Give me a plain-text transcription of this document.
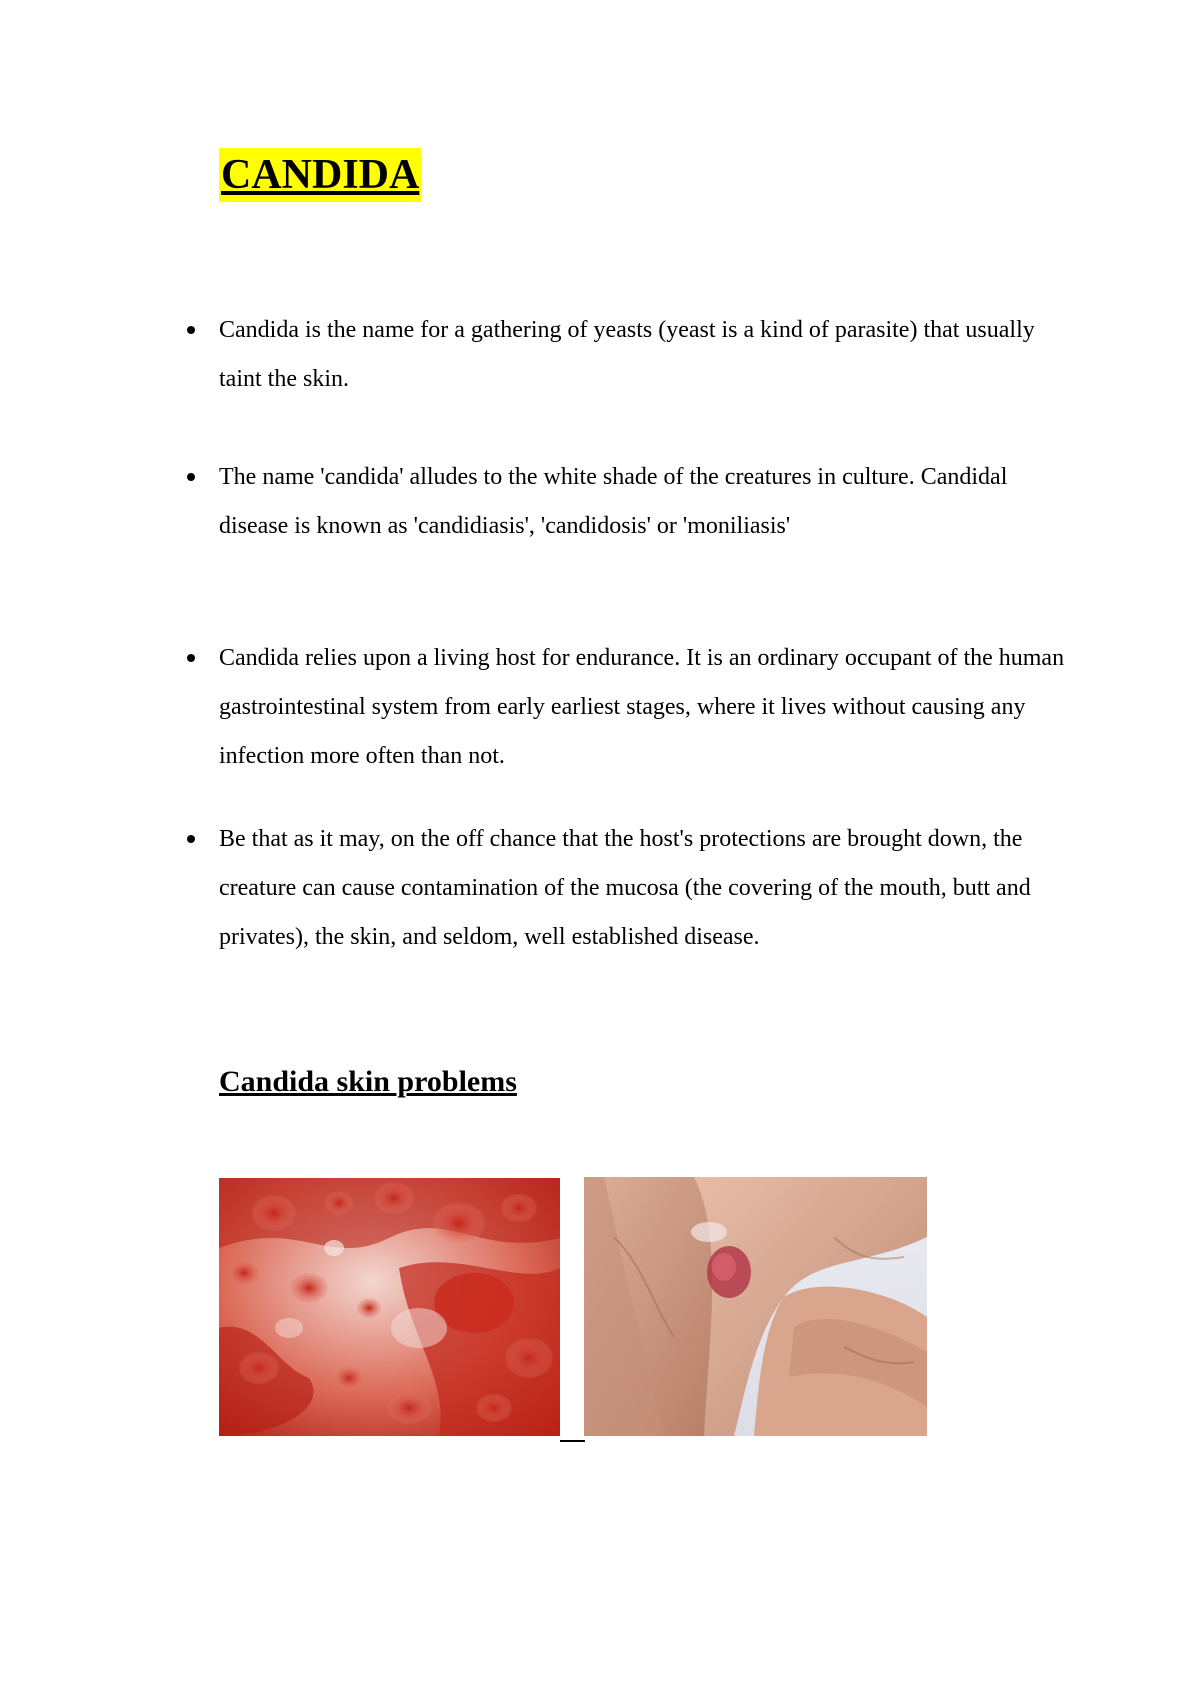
CANDIDA
Candida is the name for a gathering of yeasts (yeast is a kind of parasite) that usually taint the skin.
The name 'candida' alludes to the white shade of the creatures in culture. Candidal disease is known as 'candidiasis', 'candidosis' or 'moniliasis'
Candida relies upon a living host for endurance. It is an ordinary occupant of the human gastrointestinal system from early earliest stages, where it lives without causing any infection more often than not.
Be that as it may, on the off chance that the host's protections are brought down, the creature can cause contamination of the mucosa (the covering of the mouth, butt and privates), the skin, and seldom, well established disease.
Candida skin problems
